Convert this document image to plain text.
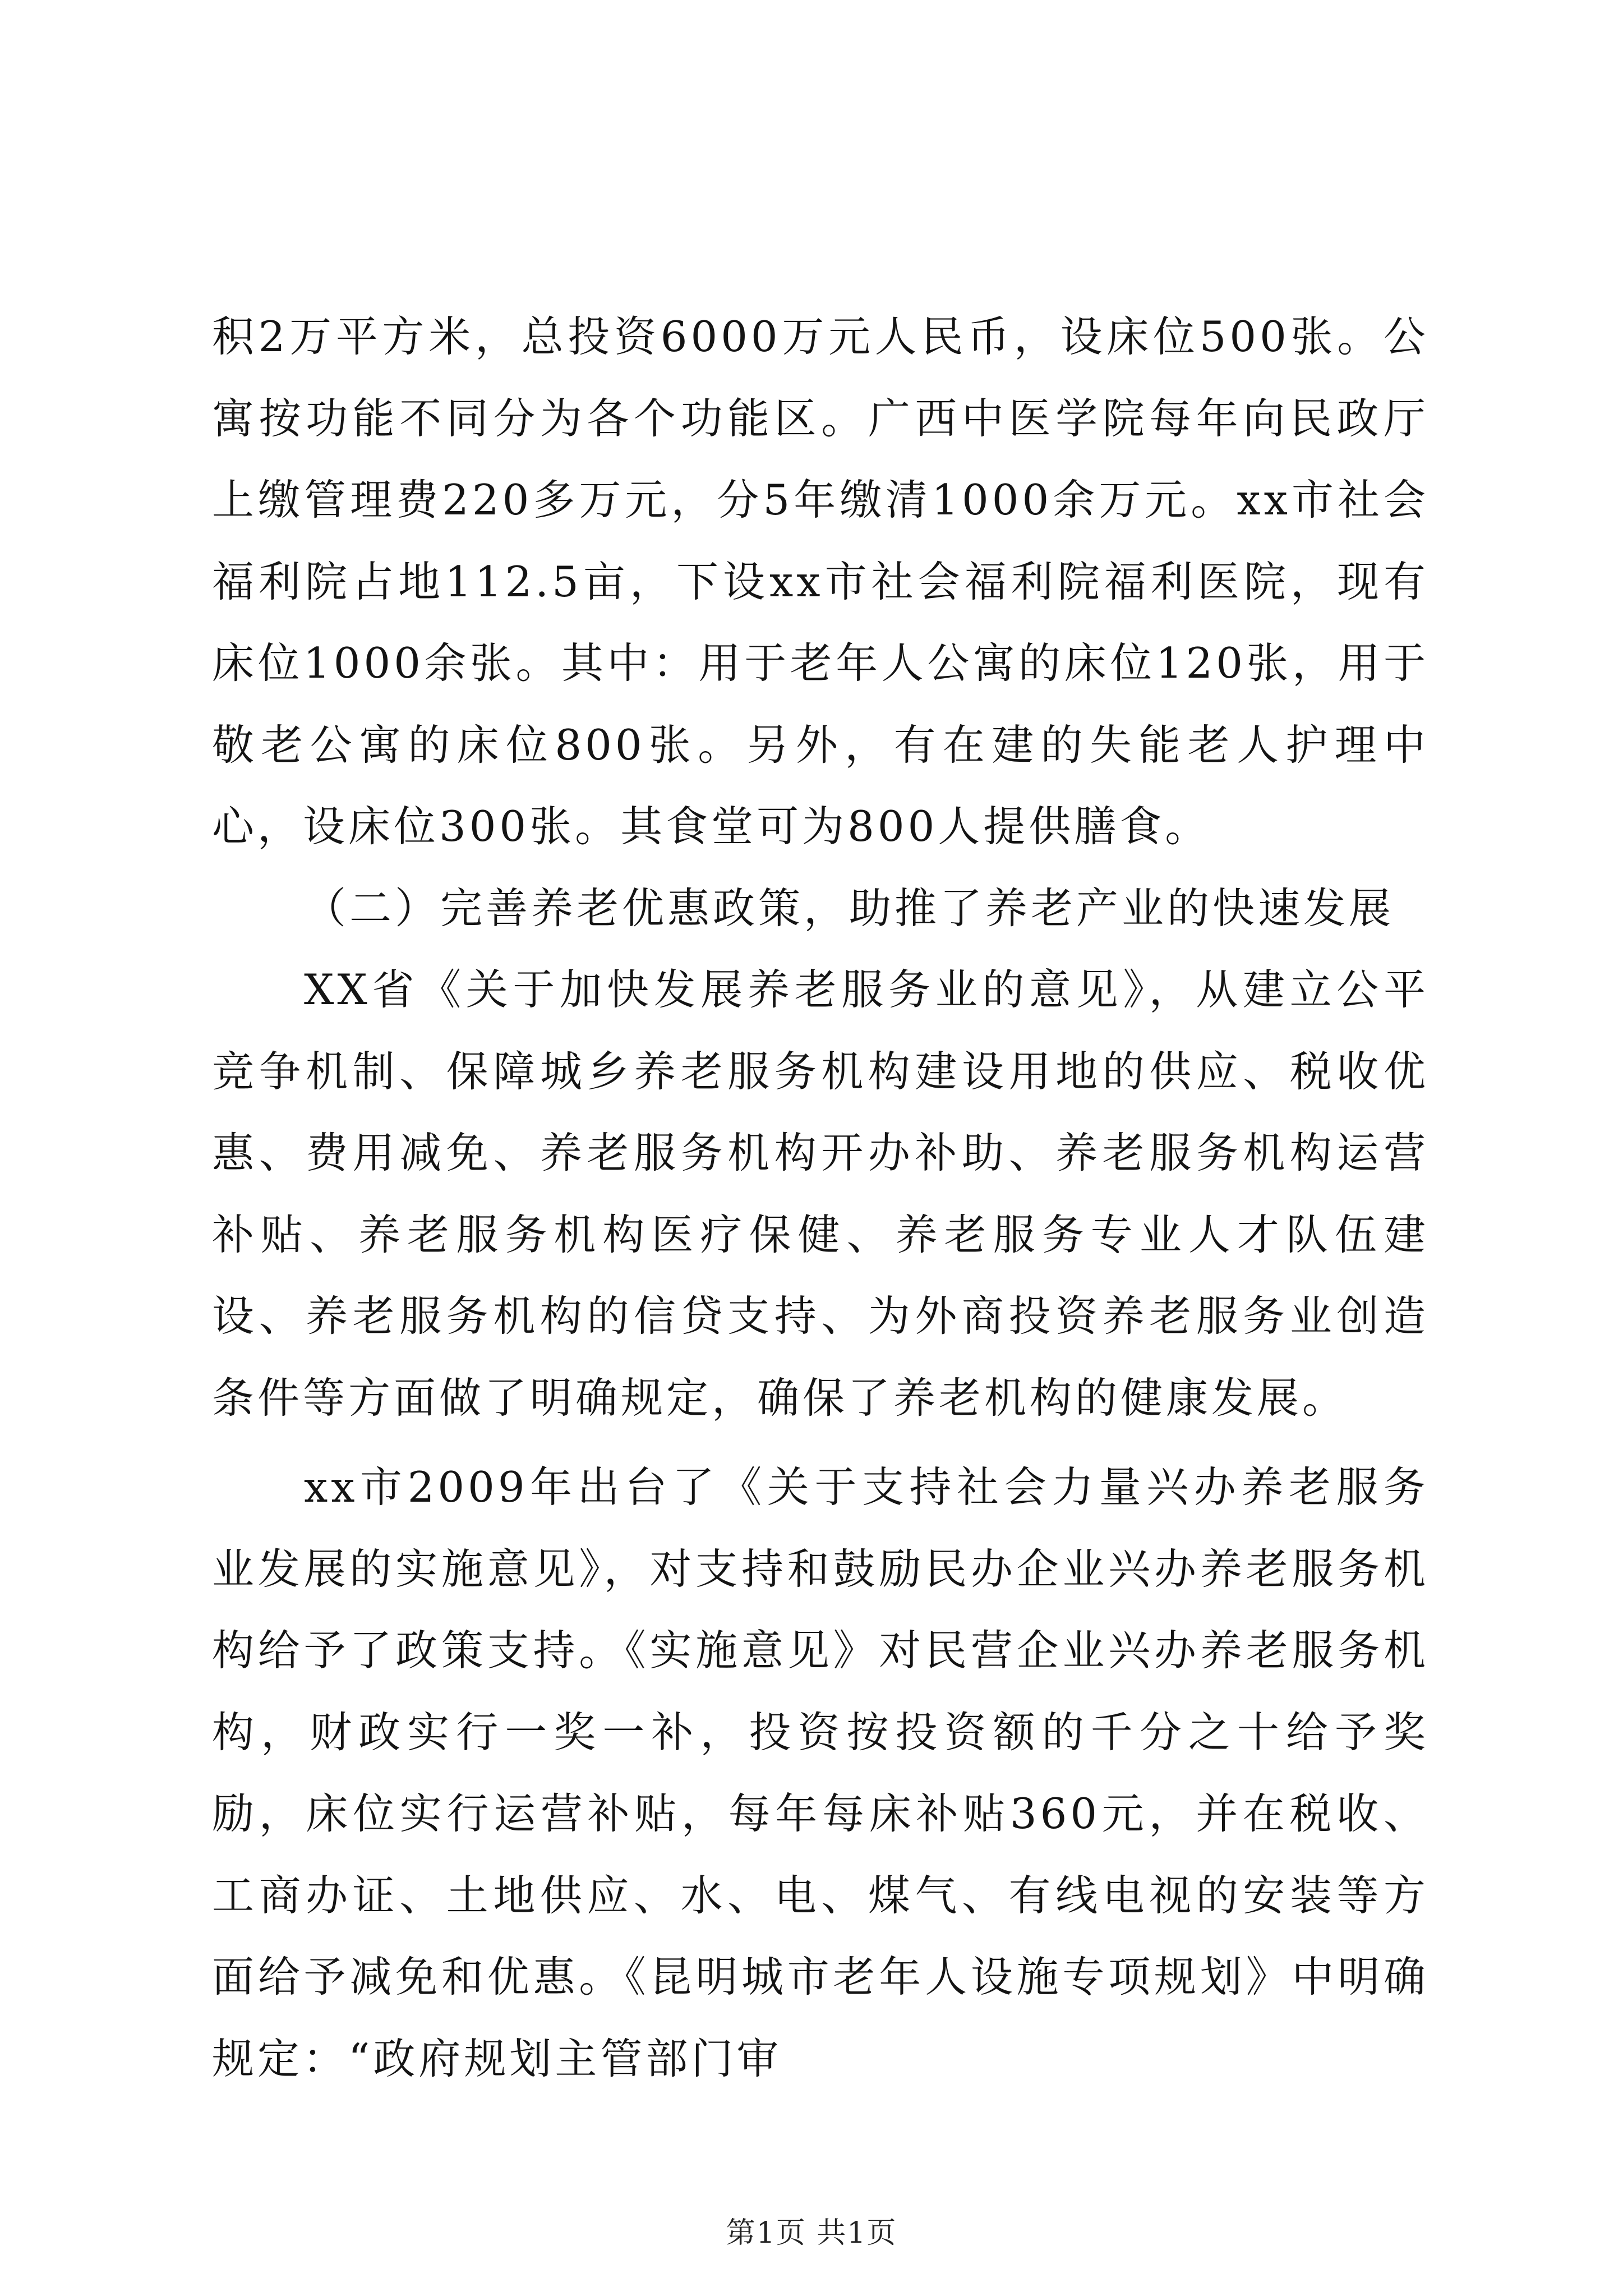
积2万平方米，总投资6000万元人民币，设床位500张。公寓按功能不同分为各个功能区。广西中医学院每年向民政厅上缴管理费220多万元，分5年缴清1000余万元。xx市社会福利院占地112.5亩，下设xx市社会福利院福利医院，现有床位1000余张。其中：用于老年人公寓的床位120张，用于敬老公寓的床位800张。另外，有在建的失能老人护理中心，设床位300张。其食堂可为800人提供膳食。

（二）完善养老优惠政策，助推了养老产业的快速发展

XX省《关于加快发展养老服务业的意见》，从建立公平竞争机制、保障城乡养老服务机构建设用地的供应、税收优惠、费用减免、养老服务机构开办补助、养老服务机构运营补贴、养老服务机构医疗保健、养老服务专业人才队伍建设、养老服务机构的信贷支持、为外商投资养老服务业创造条件等方面做了明确规定，确保了养老机构的健康发展。

xx市2009年出台了《关于支持社会力量兴办养老服务业发展的实施意见》，对支持和鼓励民办企业兴办养老服务机构给予了政策支持。《实施意见》对民营企业兴办养老服务机构，财政实行一奖一补，投资按投资额的千分之十给予奖励，床位实行运营补贴，每年每床补贴360元，并在税收、工商办证、土地供应、水、电、煤气、有线电视的安装等方面给予减免和优惠。《昆明城市老年人设施专项规划》中明确规定：“政府规划主管部门审

第1页 共1页
